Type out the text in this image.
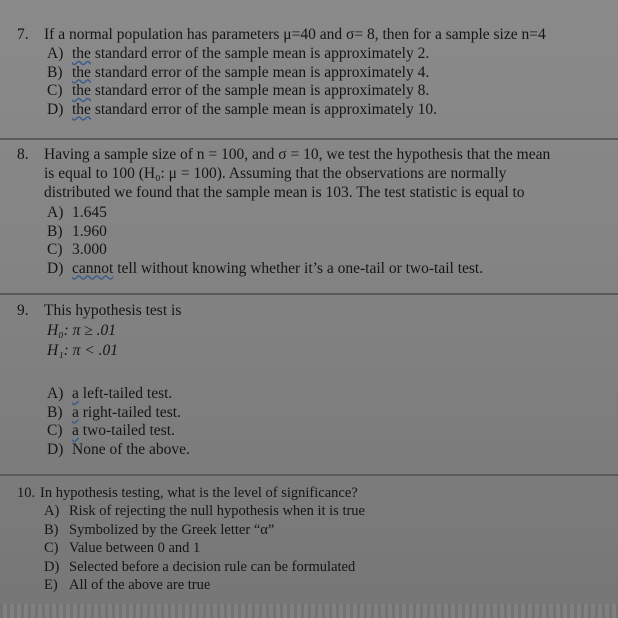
7. If a normal population has parameters μ=40 and σ= 8, then for a sample size n=4
A) the standard error of the sample mean is approximately 2.
B) the standard error of the sample mean is approximately 4.
C) the standard error of the sample mean is approximately 8.
D) the standard error of the sample mean is approximately 10.
8. Having a sample size of n = 100, and σ = 10, we test the hypothesis that the mean
is equal to 100 (H₀: μ = 100). Assuming that the observations are normally
distributed we found that the sample mean is 103. The test statistic is equal to
A) 1.645
B) 1.960
C) 3.000
D) cannot tell without knowing whether it’s a one-tail or two-tail test.
9. This hypothesis test is
H₀: π ≥ .01
H₁: π < .01
A) a left-tailed test.
B) a right-tailed test.
C) a two-tailed test.
D) None of the above.
10. In hypothesis testing, what is the level of significance?
A) Risk of rejecting the null hypothesis when it is true
B) Symbolized by the Greek letter “α”
C) Value between 0 and 1
D) Selected before a decision rule can be formulated
E) All of the above are true
